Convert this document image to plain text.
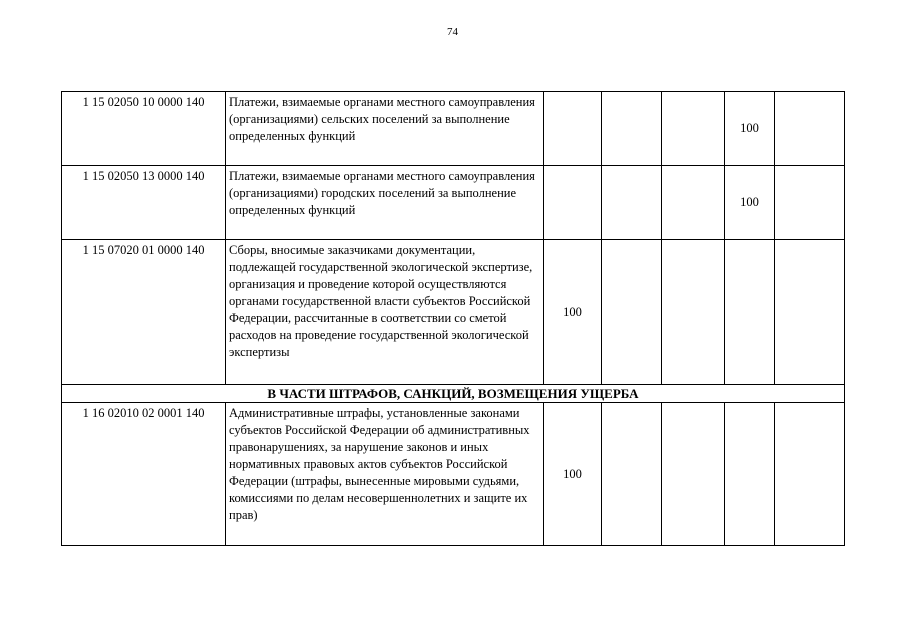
74
1 15 02050 10 0000 140	Платежи, взимаемые органами местного самоуправления (организациями) сельских поселений за выполнение определенных функций				100	
1 15 02050 13 0000 140	Платежи, взимаемые органами местного самоуправления (организациями) городских поселений за выполнение определенных функций				100	
1 15 07020 01 0000 140	Сборы, вносимые заказчиками документации, подлежащей государственной экологической экспертизе, организация и проведение которой осуществляются органами государственной власти субъектов Российской Федерации, рассчитанные в соответствии со сметой расходов на проведение государственной экологической экспертизы	100				
В ЧАСТИ ШТРАФОВ, САНКЦИЙ, ВОЗМЕЩЕНИЯ УЩЕРБА						
1 16 02010 02 0001 140	Административные штрафы, установленные законами субъектов Российской Федерации об административных правонарушениях, за нарушение законов и иных нормативных правовых актов субъектов Российской Федерации (штрафы, вынесенные мировыми судьями, комиссиями по делам несовершеннолетних и защите их прав)	100				
